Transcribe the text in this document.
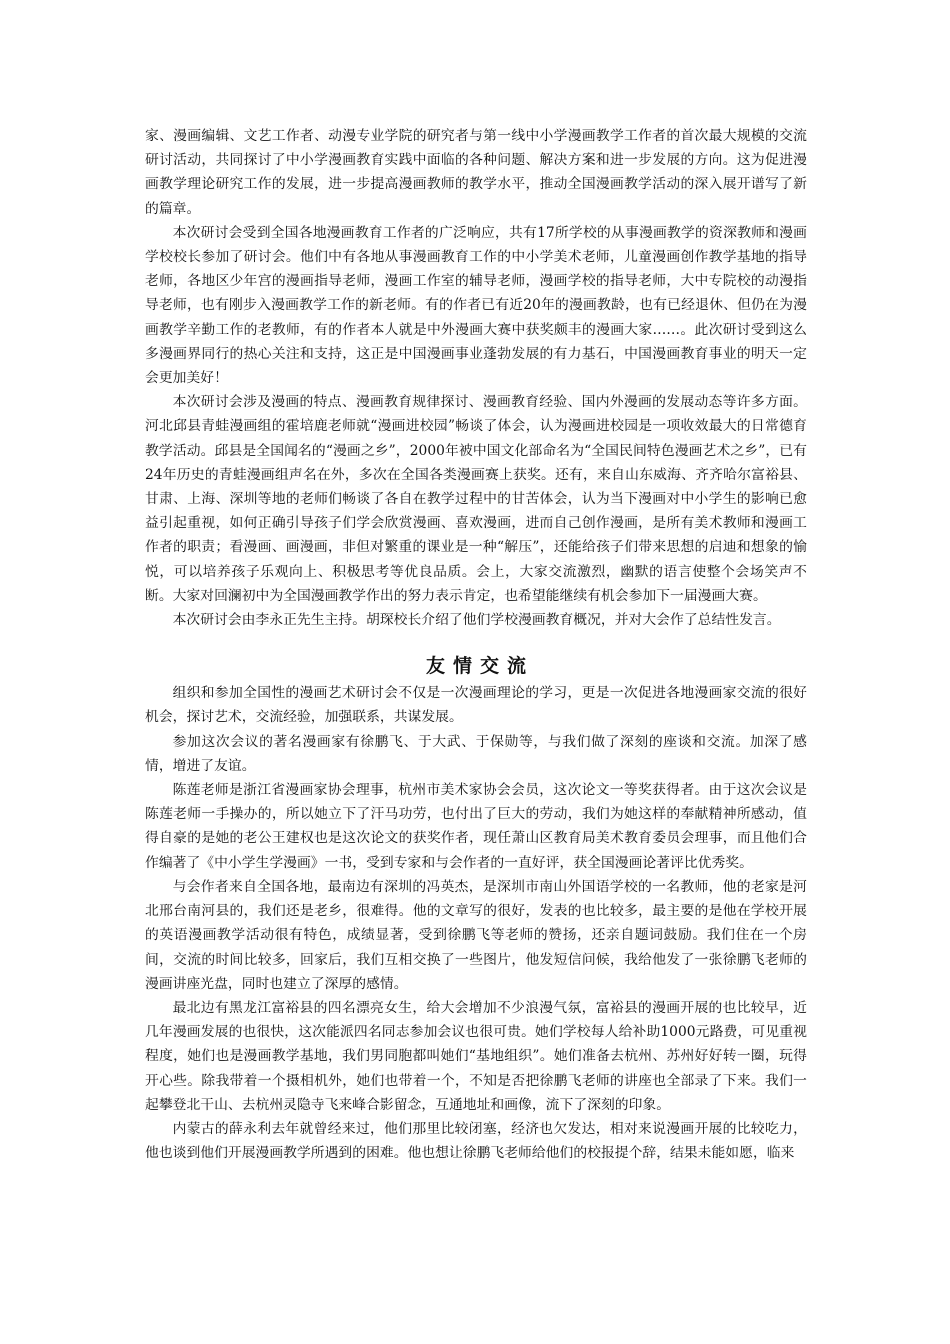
家、漫画编辑、文艺工作者、动漫专业学院的研究者与第一线中小学漫画教学工作者的首次最大规模的交流研讨活动，共同探讨了中小学漫画教育实践中面临的各种问题、解决方案和进一步发展的方向。这为促进漫画教学理论研究工作的发展，进一步提高漫画教师的教学水平，推动全国漫画教学活动的深入展开谱写了新的篇章。

本次研讨会受到全国各地漫画教育工作者的广泛响应，共有17所学校的从事漫画教学的资深教师和漫画学校校长参加了研讨会。他们中有各地从事漫画教育工作的中小学美术老师，儿童漫画创作教学基地的指导老师，各地区少年宫的漫画指导老师，漫画工作室的辅导老师，漫画学校的指导老师，大中专院校的动漫指导老师，也有刚步入漫画教学工作的新老师。有的作者已有近20年的漫画教龄，也有已经退休、但仍在为漫画教学辛勤工作的老教师，有的作者本人就是中外漫画大赛中获奖颇丰的漫画大家……。此次研讨受到这么多漫画界同行的热心关注和支持，这正是中国漫画事业蓬勃发展的有力基石，中国漫画教育事业的明天一定会更加美好！

本次研讨会涉及漫画的特点、漫画教育规律探讨、漫画教育经验、国内外漫画的发展动态等许多方面。河北邱县青蛙漫画组的霍培鹿老师就“漫画进校园”畅谈了体会，认为漫画进校园是一项收效最大的日常德育教学活动。邱县是全国闻名的“漫画之乡”，2000年被中国文化部命名为“全国民间特色漫画艺术之乡”，已有24年历史的青蛙漫画组声名在外，多次在全国各类漫画赛上获奖。还有，来自山东威海、齐齐哈尔富裕县、甘肃、上海、深圳等地的老师们畅谈了各自在教学过程中的甘苦体会，认为当下漫画对中小学生的影响已愈益引起重视，如何正确引导孩子们学会欣赏漫画、喜欢漫画，进而自己创作漫画，是所有美术教师和漫画工作者的职责；看漫画、画漫画，非但对繁重的课业是一种“解压”，还能给孩子们带来思想的启迪和想象的愉悦，可以培养孩子乐观向上、积极思考等优良品质。会上，大家交流激烈，幽默的语言使整个会场笑声不断。大家对回澜初中为全国漫画教学作出的努力表示肯定，也希望能继续有机会参加下一届漫画大赛。

本次研讨会由李永正先生主持。胡琛校长介绍了他们学校漫画教育概况，并对大会作了总结性发言。

友情交流

组织和参加全国性的漫画艺术研讨会不仅是一次漫画理论的学习，更是一次促进各地漫画家交流的很好机会，探讨艺术，交流经验，加强联系，共谋发展。

参加这次会议的著名漫画家有徐鹏飞、于大武、于保勋等，与我们做了深刻的座谈和交流。加深了感情，增进了友谊。

陈莲老师是浙江省漫画家协会理事，杭州市美术家协会会员，这次论文一等奖获得者。由于这次会议是陈莲老师一手操办的，所以她立下了汗马功劳，也付出了巨大的劳动，我们为她这样的奉献精神所感动，值得自豪的是她的老公王建权也是这次论文的获奖作者，现任萧山区教育局美术教育委员会理事，而且他们合作编著了《中小学生学漫画》一书，受到专家和与会作者的一直好评，获全国漫画论著评比优秀奖。

与会作者来自全国各地，最南边有深圳的冯英杰，是深圳市南山外国语学校的一名教师，他的老家是河北邢台南河县的，我们还是老乡，很难得。他的文章写的很好，发表的也比较多，最主要的是他在学校开展的英语漫画教学活动很有特色，成绩显著，受到徐鹏飞等老师的赞扬，还亲自题词鼓励。我们住在一个房间，交流的时间比较多，回家后，我们互相交换了一些图片，他发短信问候，我给他发了一张徐鹏飞老师的漫画讲座光盘，同时也建立了深厚的感情。

最北边有黑龙江富裕县的四名漂亮女生，给大会增加不少浪漫气氛，富裕县的漫画开展的也比较早，近几年漫画发展的也很快，这次能派四名同志参加会议也很可贵。她们学校每人给补助1000元路费，可见重视程度，她们也是漫画教学基地，我们男同胞都叫她们“基地组织”。她们准备去杭州、苏州好好转一圈，玩得开心些。除我带着一个摄相机外，她们也带着一个，不知是否把徐鹏飞老师的讲座也全部录了下来。我们一起攀登北干山、去杭州灵隐寺飞来峰合影留念，互通地址和画像，流下了深刻的印象。

内蒙古的薛永利去年就曾经来过，他们那里比较闭塞，经济也欠发达，相对来说漫画开展的比较吃力，他也谈到他们开展漫画教学所遇到的困难。他也想让徐鹏飞老师给他们的校报提个辞，结果未能如愿，临来
